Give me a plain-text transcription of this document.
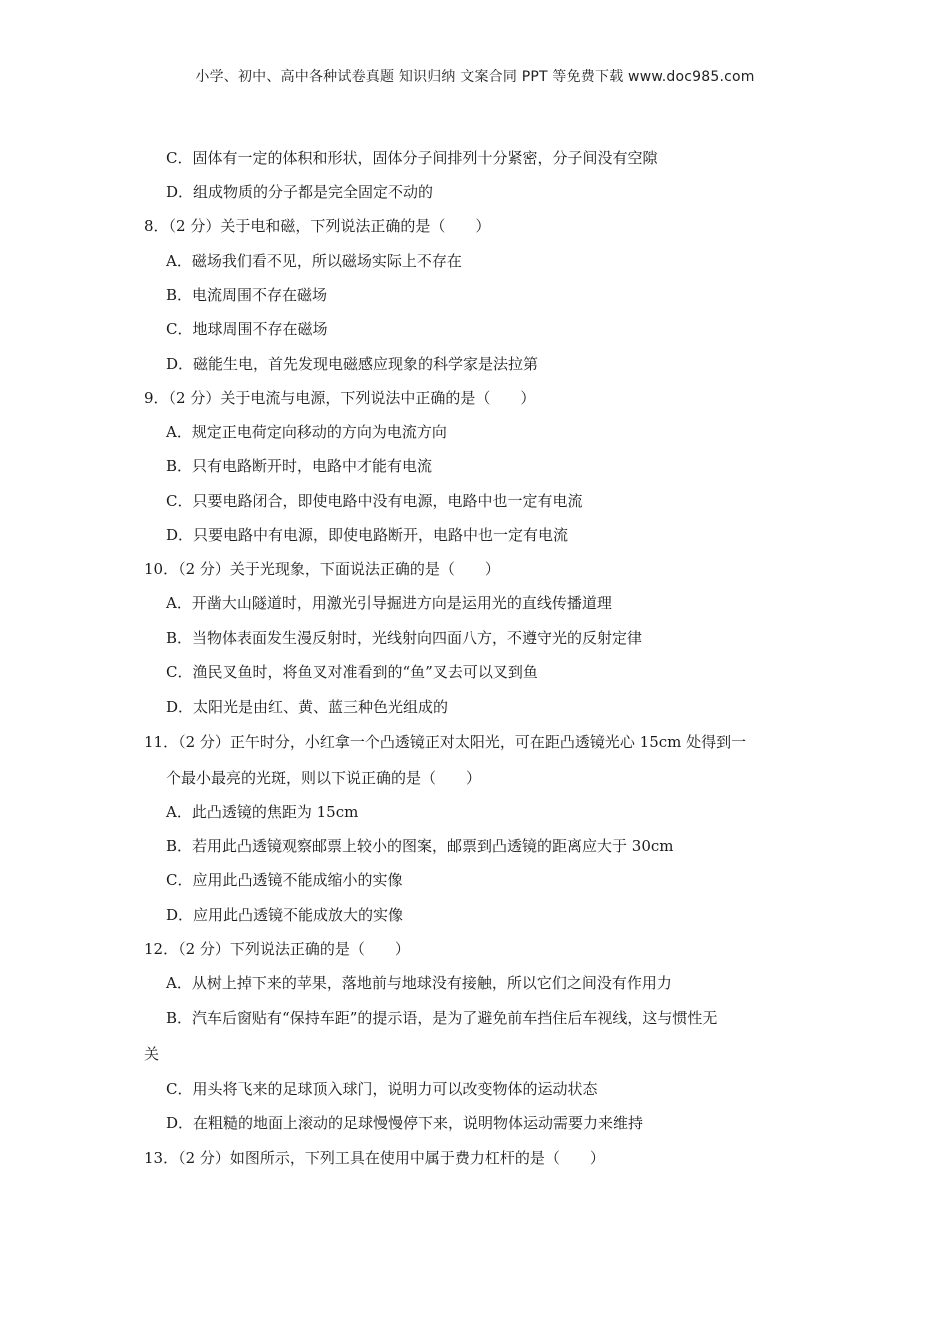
小学、初中、高中各种试卷真题 知识归纳 文案合同 PPT 等免费下载 www.doc985.com
C．固体有一定的体积和形状，固体分子间排列十分紧密，分子间没有空隙
D．组成物质的分子都是完全固定不动的
8．（2 分）关于电和磁，下列说法正确的是（　　）
A．磁场我们看不见，所以磁场实际上不存在
B．电流周围不存在磁场
C．地球周围不存在磁场
D．磁能生电，首先发现电磁感应现象的科学家是法拉第
9．（2 分）关于电流与电源，下列说法中正确的是（　　）
A．规定正电荷定向移动的方向为电流方向
B．只有电路断开时，电路中才能有电流
C．只要电路闭合，即使电路中没有电源，电路中也一定有电流
D．只要电路中有电源，即使电路断开，电路中也一定有电流
10．（2 分）关于光现象，下面说法正确的是（　　）
A．开凿大山隧道时，用激光引导掘进方向是运用光的直线传播道理
B．当物体表面发生漫反射时，光线射向四面八方，不遵守光的反射定律
C．渔民叉鱼时，将鱼叉对准看到的“鱼”叉去可以叉到鱼
D．太阳光是由红、黄、蓝三种色光组成的
11．（2 分）正午时分，小红拿一个凸透镜正对太阳光，可在距凸透镜光心 15cm 处得到一
个最小最亮的光斑，则以下说正确的是（　　）
A．此凸透镜的焦距为 15cm
B．若用此凸透镜观察邮票上较小的图案，邮票到凸透镜的距离应大于 30cm
C．应用此凸透镜不能成缩小的实像
D．应用此凸透镜不能成放大的实像
12．（2 分）下列说法正确的是（　　）
A．从树上掉下来的苹果，落地前与地球没有接触，所以它们之间没有作用力
B．汽车后窗贴有“保持车距”的提示语，是为了避免前车挡住后车视线，这与惯性无
关
C．用头将飞来的足球顶入球门，说明力可以改变物体的运动状态
D．在粗糙的地面上滚动的足球慢慢停下来，说明物体运动需要力来维持
13．（2 分）如图所示，下列工具在使用中属于费力杠杆的是（　　）
